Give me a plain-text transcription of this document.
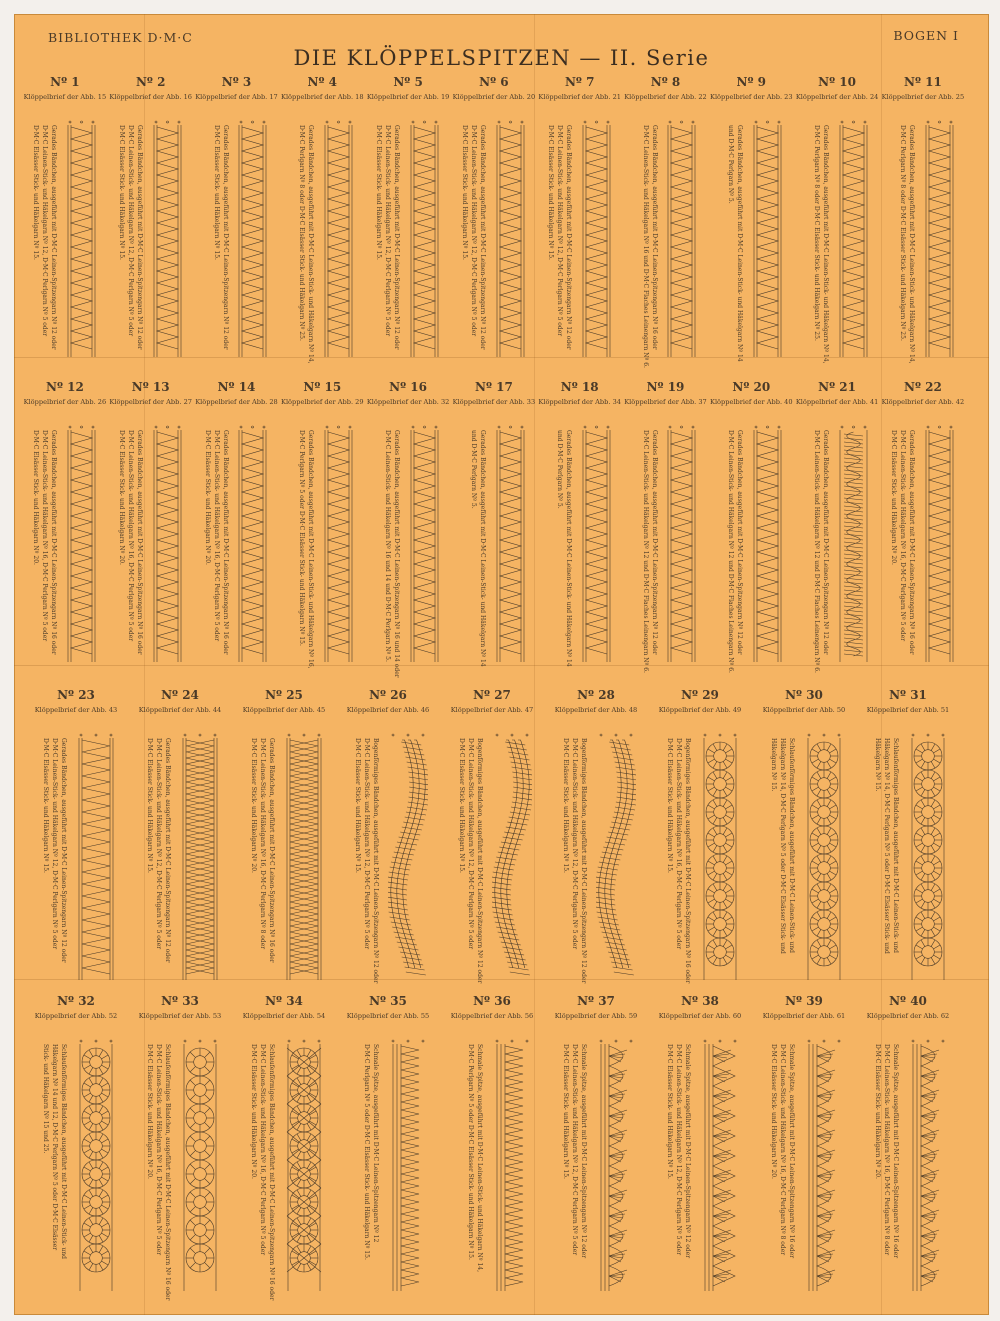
BIBLIOTHEK D·M·C	BOGEN I
DIE KLÖPPELSPITZEN — II. Serie
Nº 1
Klöppelbrief der Abb. 15
Gerades Bändchen, ausgeführt mit D·M·C Leinen-Spitzengarn Nº 12 oder
D·M·C Leinen-Stick- und Häkelgarn Nº 12, D·M·C Perlgarn Nº 5 oder
D·M·C Elsässer Stick- und Häkelgarn Nº 15.
Nº 2
Klöppelbrief der Abb. 16
Gerades Bändchen, ausgeführt mit D·M·C Leinen-Spitzengarn Nº 12 oder
D·M·C Leinen-Stick- und Häkelgarn Nº 12, D·M·C Perlgarn Nº 5 oder
D·M·C Elsässer Stick- und Häkelgarn Nº 15.
Nº 3
Klöppelbrief der Abb. 17
Gerades Bändchen, ausgeführt mit D·M·C Leinen-Spitzengarn Nº 12 oder
D·M·C Elsässer Stick- und Häkelgarn Nº 15.
Nº 4
Klöppelbrief der Abb. 18
Gerades Bändchen, ausgeführt mit D·M·C Leinen-Stick- und Häkelgarn Nº 14,
D·M·C Perlgarn Nº 8 oder D·M·C Elsässer Stick- und Häkelgarn Nº 25.
Nº 5
Klöppelbrief der Abb. 19
Gerades Bändchen, ausgeführt mit D·M·C Leinen-Spitzengarn Nº 12 oder
D·M·C Leinen-Stick- und Häkelgarn Nº 12, D·M·C Perlgarn Nº 5 oder
D·M·C Elsässer Stick- und Häkelgarn Nº 15.
Nº 6
Klöppelbrief der Abb. 20
Gerades Bändchen, ausgeführt mit D·M·C Leinen-Spitzengarn Nº 12 oder
D·M·C Leinen-Stick- und Häkelgarn Nº 12, D·M·C Perlgarn Nº 5 oder
D·M·C Elsässer Stick- und Häkelgarn Nº 15.
Nº 7
Klöppelbrief der Abb. 21
Gerades Bändchen, ausgeführt mit D·M·C Leinen-Spitzengarn Nº 12 oder
D·M·C Leinen-Stick- und Häkelgarn Nº 12, D·M·C Perlgarn Nº 5 oder
D·M·C Elsässer Stick- und Häkelgarn Nº 15.
Nº 8
Klöppelbrief der Abb. 22
Gerades Bändchen, ausgeführt mit D·M·C Leinen-Spitzengarn Nº 16 oder
D·M·C Leinen-Stick- und Häkelgarn Nº 16 und D·M·C Flaches Leinengarn Nº 6.
Nº 9
Klöppelbrief der Abb. 23
Gerades Bändchen, ausgeführt mit D·M·C Leinen-Stick- und Häkelgarn Nº 14
und D·M·C Perlgarn Nº 5.
Nº 10
Klöppelbrief der Abb. 24
Gerades Bändchen, ausgeführt mit D·M·C Leinen-Stick- und Häkelgarn Nº 14,
D·M·C Perlgarn Nº 8 oder D·M·C Elsässer Stick- und Häkelgarn Nº 25.
Nº 11
Klöppelbrief der Abb. 25
Gerades Bändchen, ausgeführt mit D·M·C Leinen-Stick- und Häkelgarn Nº 14,
D·M·C Perlgarn Nº 8 oder D·M·C Elsässer Stick- und Häkelgarn Nº 25.
Nº 12
Klöppelbrief der Abb. 26
Gerades Bändchen, ausgeführt mit D·M·C Leinen-Spitzengarn Nº 16 oder
D·M·C Leinen-Stick- und Häkelgarn Nº 16, D·M·C Perlgarn Nº 5 oder
D·M·C Elsässer Stick- und Häkelgarn Nº 20.
Nº 13
Klöppelbrief der Abb. 27
Gerades Bändchen, ausgeführt mit D·M·C Leinen-Spitzengarn Nº 16 oder
D·M·C Leinen-Stick- und Häkelgarn Nº 16, D·M·C Perlgarn Nº 5 oder
D·M·C Elsässer Stick- und Häkelgarn Nº 20.
Nº 14
Klöppelbrief der Abb. 28
Gerades Bändchen, ausgeführt mit D·M·C Leinen-Spitzengarn Nº 16 oder
D·M·C Leinen-Stick- und Häkelgarn Nº 16, D·M·C Perlgarn Nº 5 oder
D·M·C Elsässer Stick- und Häkelgarn Nº 20.
Nº 15
Klöppelbrief der Abb. 29
Gerades Bändchen, ausgeführt mit D·M·C Leinen-Stick- und Häkelgarn Nº 16,
D·M·C Perlgarn Nº 5 oder D·M·C Elsässer Stick- und Häkelgarn Nº 15.
Nº 16
Klöppelbrief der Abb. 32
Gerades Bändchen, ausgeführt mit D·M·C Leinen-Spitzengarn Nº 16 und 14 oder
D·M·C Leinen-Stick- und Häkelgarn Nº 16 und 14 und D·M·C Perlgarn Nº 5.
Nº 17
Klöppelbrief der Abb. 33
Gerades Bändchen, ausgeführt mit D·M·C Leinen-Stick- und Häkelgarn Nº 14
und D·M·C Perlgarn Nº 5.
Nº 18
Klöppelbrief der Abb. 34
Gerades Bändchen, ausgeführt mit D·M·C Leinen-Stick- und Häkelgarn Nº 14
und D·M·C Perlgarn Nº 5.
Nº 19
Klöppelbrief der Abb. 37
Gerades Bändchen, ausgeführt mit D·M·C Leinen-Spitzengarn Nº 12 oder
D·M·C Leinen-Stick- und Häkelgarn Nº 12 und D·M·C Flaches Leinengarn Nº 6.
Nº 20
Klöppelbrief der Abb. 40
Gerades Bändchen, ausgeführt mit D·M·C Leinen-Spitzengarn Nº 12 oder
D·M·C Leinen-Stick- und Häkelgarn Nº 12 und D·M·C Flaches Leinengarn Nº 6.
Nº 21
Klöppelbrief der Abb. 41
Gerades Bändchen, ausgeführt mit D·M·C Leinen-Spitzengarn Nº 12 oder
D·M·C Leinen-Stick- und Häkelgarn Nº 12 und D·M·C Flaches Leinengarn Nº 6.
Nº 22
Klöppelbrief der Abb. 42
Gerades Bändchen, ausgeführt mit D·M·C Leinen-Spitzengarn Nº 16 oder
D·M·C Leinen-Stick- und Häkelgarn Nº 16, D·M·C Perlgarn Nº 5 oder
D·M·C Elsässer Stick- und Häkelgarn Nº 20.
Nº 23
Klöppelbrief der Abb. 43
Gerades Bändchen, ausgeführt mit D·M·C Leinen-Spitzengarn Nº 12 oder
D·M·C Leinen-Stick- und Häkelgarn Nº 12, D·M·C Perlgarn Nº 5 oder
D·M·C Elsässer Stick- und Häkelgarn Nº 15.
Nº 24
Klöppelbrief der Abb. 44
Gerades Bändchen, ausgeführt mit D·M·C Leinen-Spitzengarn Nº 12 oder
D·M·C Leinen-Stick- und Häkelgarn Nº 12, D·M·C Perlgarn Nº 5 oder
D·M·C Elsässer Stick- und Häkelgarn Nº 15.
Nº 25
Klöppelbrief der Abb. 45
Gerades Bändchen, ausgeführt mit D·M·C Leinen-Spitzengarn Nº 16 oder
D·M·C Leinen-Stick- und Häkelgarn Nº 16, D·M·C Perlgarn Nº 8 oder
D·M·C Elsässer Stick- und Häkelgarn Nº 20.
Nº 26
Klöppelbrief der Abb. 46
Bogenförmiges Bändchen, ausgeführt mit D·M·C Leinen-Spitzengarn Nº 12 oder
D·M·C Leinen-Stick- und Häkelgarn Nº 12, D·M·C Perlgarn Nº 5 oder
D·M·C Elsässer Stick- und Häkelgarn Nº 15.
Nº 27
Klöppelbrief der Abb. 47
Bogenförmiges Bändchen, ausgeführt mit D·M·C Leinen-Spitzengarn Nº 12 oder
D·M·C Leinen-Stick- und Häkelgarn Nº 12, D·M·C Perlgarn Nº 5 oder
D·M·C Elsässer Stick- und Häkelgarn Nº 15.
Nº 28
Klöppelbrief der Abb. 48
Bogenförmiges Bändchen, ausgeführt mit D·M·C Leinen-Spitzengarn Nº 12 oder
D·M·C Leinen-Stick- und Häkelgarn Nº 12, D·M·C Perlgarn Nº 5 oder
D·M·C Elsässer Stick- und Häkelgarn Nº 15.
Nº 29
Klöppelbrief der Abb. 49
Bogenförmiges Bändchen, ausgeführt mit D·M·C Leinen-Spitzengarn Nº 16 oder
D·M·C Leinen-Stick- und Häkelgarn Nº 16, D·M·C Perlgarn Nº 5 oder
D·M·C Elsässer Stick- und Häkelgarn Nº 15.
Nº 30
Klöppelbrief der Abb. 50
Schlaufenförmiges Bändchen, ausgeführt mit D·M·C Leinen-Stick- und
Häkelgarn Nº 14, D·M·C Perlgarn Nº 5 oder D·M·C Elsässer Stick- und
Häkelgarn Nº 15.
Nº 31
Klöppelbrief der Abb. 51
Schlaufenförmiges Bändchen, ausgeführt mit D·M·C Leinen-Stick- und
Häkelgarn Nº 14, D·M·C Perlgarn Nº 5 oder D·M·C Elsässer Stick- und
Häkelgarn Nº 15.
Nº 32
Klöppelbrief der Abb. 52
Schlaufenförmiges Bändchen, ausgeführt mit D·M·C Leinen-Stick- und
Häkelgarn Nº 14 und 12, D·M·C Perlgarn Nº 5 oder D·M·C Elsässer
Stick- und Häkelgarn Nº 15 und 25.
Nº 33
Klöppelbrief der Abb. 53
Schlaufenförmiges Bändchen, ausgeführt mit D·M·C Leinen-Spitzengarn Nº 16 oder
D·M·C Leinen-Stick- und Häkelgarn Nº 16, D·M·C Perlgarn Nº 5 oder
D·M·C Elsässer Stick- und Häkelgarn Nº 20.
Nº 34
Klöppelbrief der Abb. 54
Schlaufenförmiges Bändchen, ausgeführt mit D·M·C Leinen-Spitzengarn Nº 16 oder
D·M·C Leinen-Stick- und Häkelgarn Nº 16, D·M·C Perlgarn Nº 5 oder
D·M·C Elsässer Stick- und Häkelgarn Nº 20.
Nº 35
Klöppelbrief der Abb. 55
Schmale Spitze, ausgeführt mit D·M·C Leinen-Spitzengarn Nº 12
D·M·C Perlgarn Nº 5 oder D·M·C Elsässer Stick- und Häkelgarn Nº 15.
Nº 36
Klöppelbrief der Abb. 56
Schmale Spitze, ausgeführt mit D·M·C Leinen-Stick- und Häkelgarn Nº 14,
D·M·C Perlgarn Nº 5 oder D·M·C Elsässer Stick- und Häkelgarn Nº 15.
Nº 37
Klöppelbrief der Abb. 59
Schmale Spitze, ausgeführt mit D·M·C Leinen-Spitzengarn Nº 12 oder
D·M·C Leinen-Stick- und Häkelgarn Nº 12, D·M·C Perlgarn Nº 5 oder
D·M·C Elsässer Stick- und Häkelgarn Nº 15.
Nº 38
Klöppelbrief der Abb. 60
Schmale Spitze, ausgeführt mit D·M·C Leinen-Spitzengarn Nº 12 oder
D·M·C Leinen-Stick- und Häkelgarn Nº 12, D·M·C Perlgarn Nº 5 oder
D·M·C Elsässer Stick- und Häkelgarn Nº 15.
Nº 39
Klöppelbrief der Abb. 61
Schmale Spitze, ausgeführt mit D·M·C Leinen-Spitzengarn Nº 16 oder
D·M·C Leinen-Stick- und Häkelgarn Nº 16, D·M·C Perlgarn Nº 8 oder
D·M·C Elsässer Stick- und Häkelgarn Nº 20.
Nº 40
Klöppelbrief der Abb. 62
Schmale Spitze, ausgeführt mit D·M·C Leinen-Spitzengarn Nº 16 oder
D·M·C Leinen-Stick- und Häkelgarn Nº 16, D·M·C Perlgarn Nº 8 oder
D·M·C Elsässer Stick- und Häkelgarn Nº 20.
